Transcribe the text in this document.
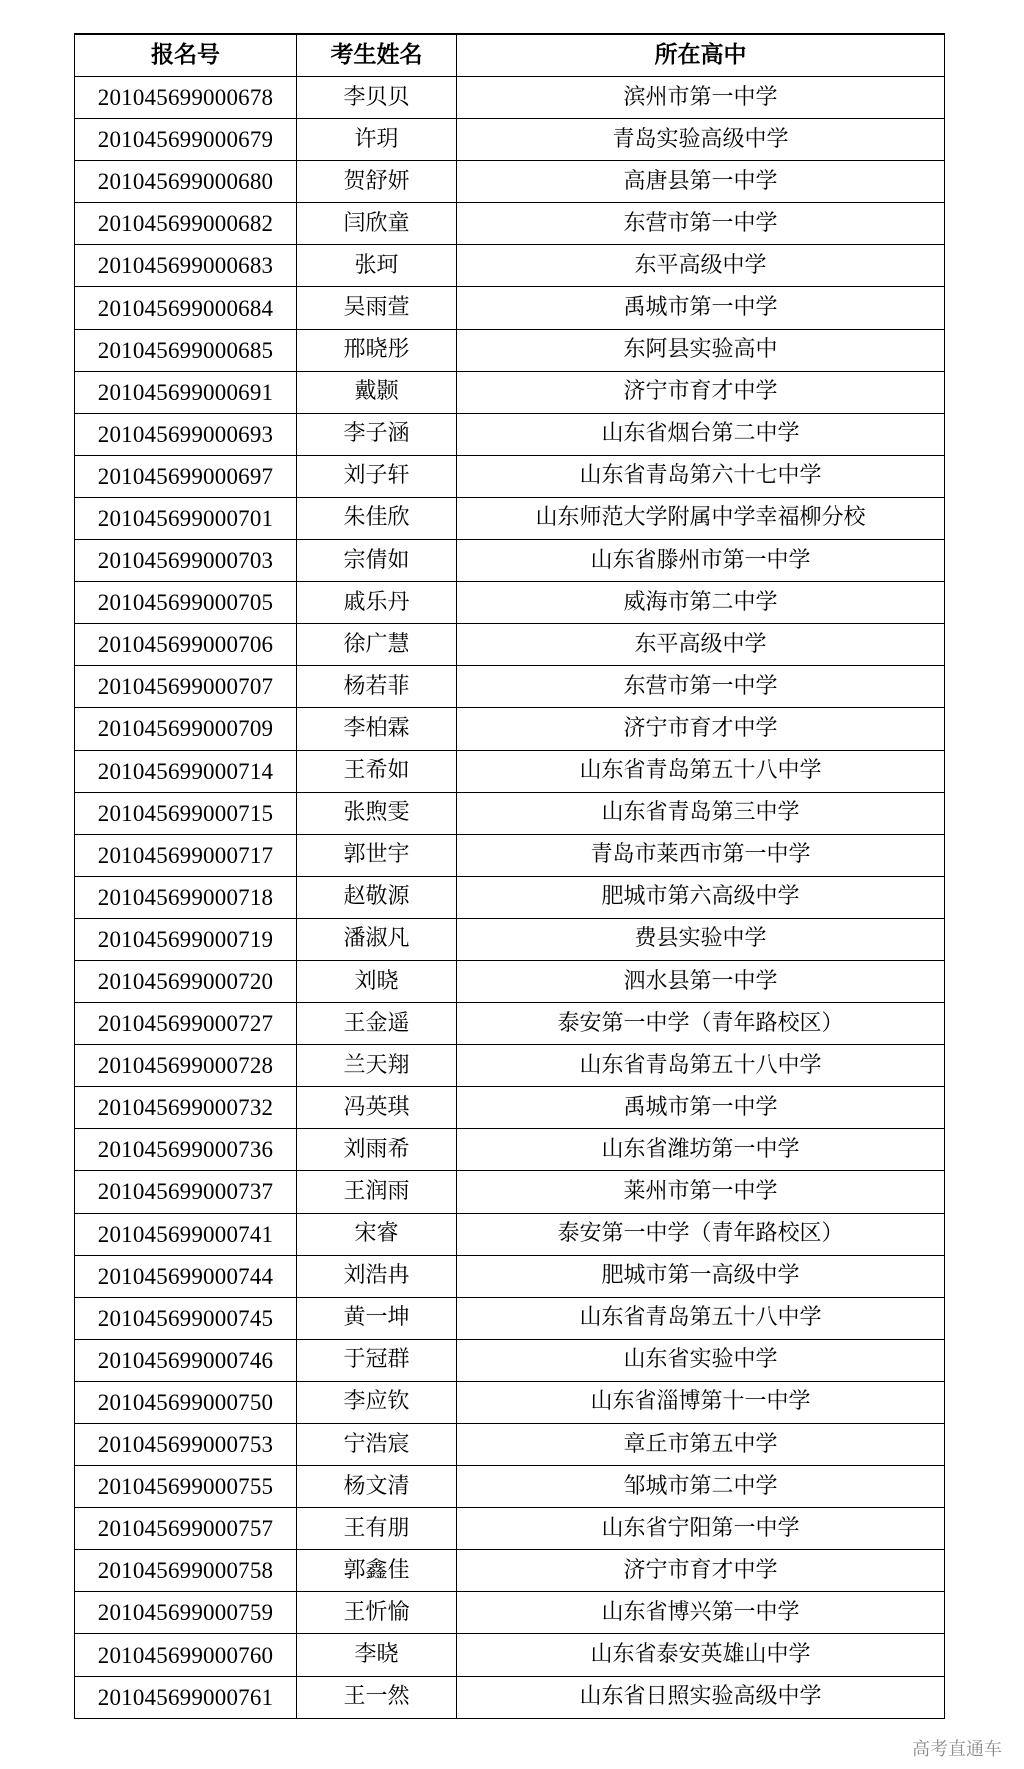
报名号	考生姓名	所在高中
201045699000678	李贝贝	滨州市第一中学
201045699000679	许玥	青岛实验高级中学
201045699000680	贺舒妍	高唐县第一中学
201045699000682	闫欣童	东营市第一中学
201045699000683	张珂	东平高级中学
201045699000684	吴雨萱	禹城市第一中学
201045699000685	邢晓彤	东阿县实验高中
201045699000691	戴颢	济宁市育才中学
201045699000693	李子涵	山东省烟台第二中学
201045699000697	刘子轩	山东省青岛第六十七中学
201045699000701	朱佳欣	山东师范大学附属中学幸福柳分校
201045699000703	宗倩如	山东省滕州市第一中学
201045699000705	戚乐丹	威海市第二中学
201045699000706	徐广慧	东平高级中学
201045699000707	杨若菲	东营市第一中学
201045699000709	李柏霖	济宁市育才中学
201045699000714	王希如	山东省青岛第五十八中学
201045699000715	张煦雯	山东省青岛第三中学
201045699000717	郭世宇	青岛市莱西市第一中学
201045699000718	赵敬源	肥城市第六高级中学
201045699000719	潘淑凡	费县实验中学
201045699000720	刘晓	泗水县第一中学
201045699000727	王金遥	泰安第一中学（青年路校区）
201045699000728	兰天翔	山东省青岛第五十八中学
201045699000732	冯英琪	禹城市第一中学
201045699000736	刘雨希	山东省潍坊第一中学
201045699000737	王润雨	莱州市第一中学
201045699000741	宋睿	泰安第一中学（青年路校区）
201045699000744	刘浩冉	肥城市第一高级中学
201045699000745	黄一坤	山东省青岛第五十八中学
201045699000746	于冠群	山东省实验中学
201045699000750	李应钦	山东省淄博第十一中学
201045699000753	宁浩宸	章丘市第五中学
201045699000755	杨文清	邹城市第二中学
201045699000757	王有朋	山东省宁阳第一中学
201045699000758	郭鑫佳	济宁市育才中学
201045699000759	王忻愉	山东省博兴第一中学
201045699000760	李晓	山东省泰安英雄山中学
201045699000761	王一然	山东省日照实验高级中学
高考直通车
